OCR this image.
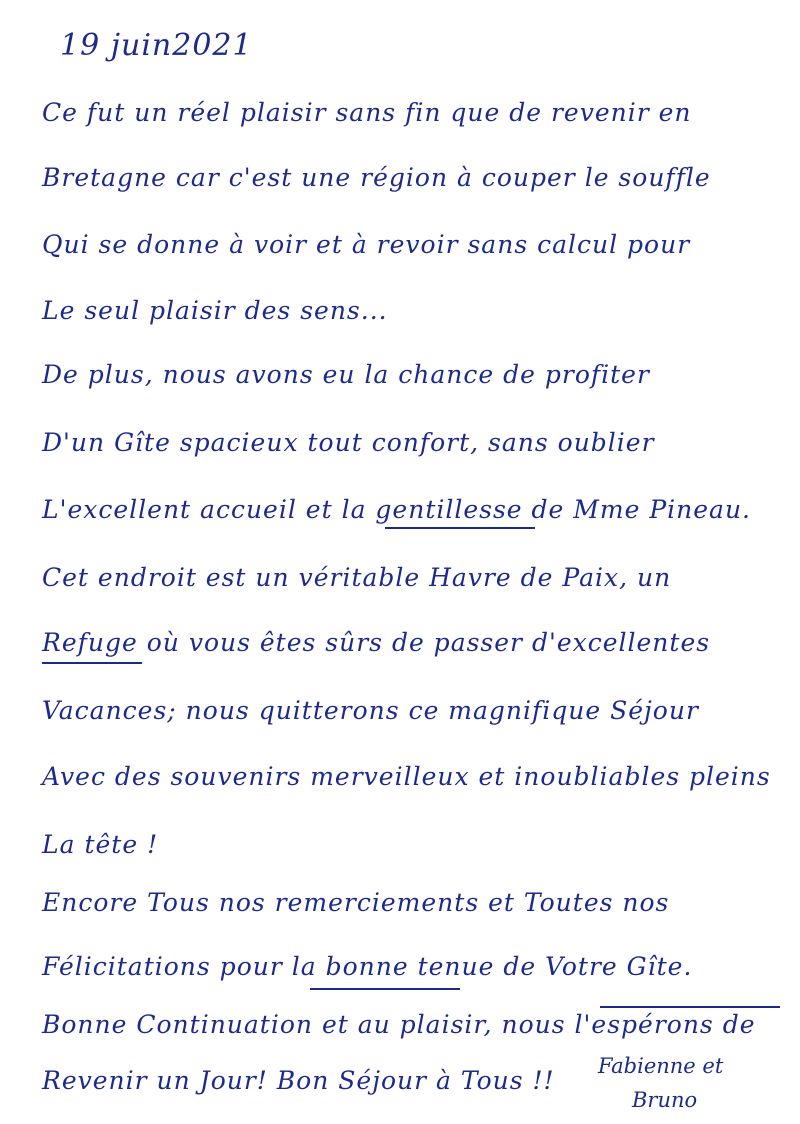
19 juin2021
Ce fut un réel plaisir sans fin que de revenir en
Bretagne car c'est une région à couper le souffle
Qui se donne à voir et à revoir sans calcul pour
Le seul plaisir des sens...
De plus, nous avons eu la chance de profiter
D'un Gîte spacieux tout confort, sans oublier
L'excellent accueil et la gentillesse de Mme Pineau.
Cet endroit est un véritable Havre de Paix, un
Refuge où vous êtes sûrs de passer d'excellentes
Vacances; nous quitterons ce magnifique Séjour
Avec des souvenirs merveilleux et inoubliables pleins
La tête !
Encore Tous nos remerciements et Toutes nos
Félicitations pour la bonne tenue de Votre Gîte.
Bonne Continuation et au plaisir, nous l'espérons de
Revenir un Jour! Bon Séjour à Tous !! Fabienne et
Bruno
